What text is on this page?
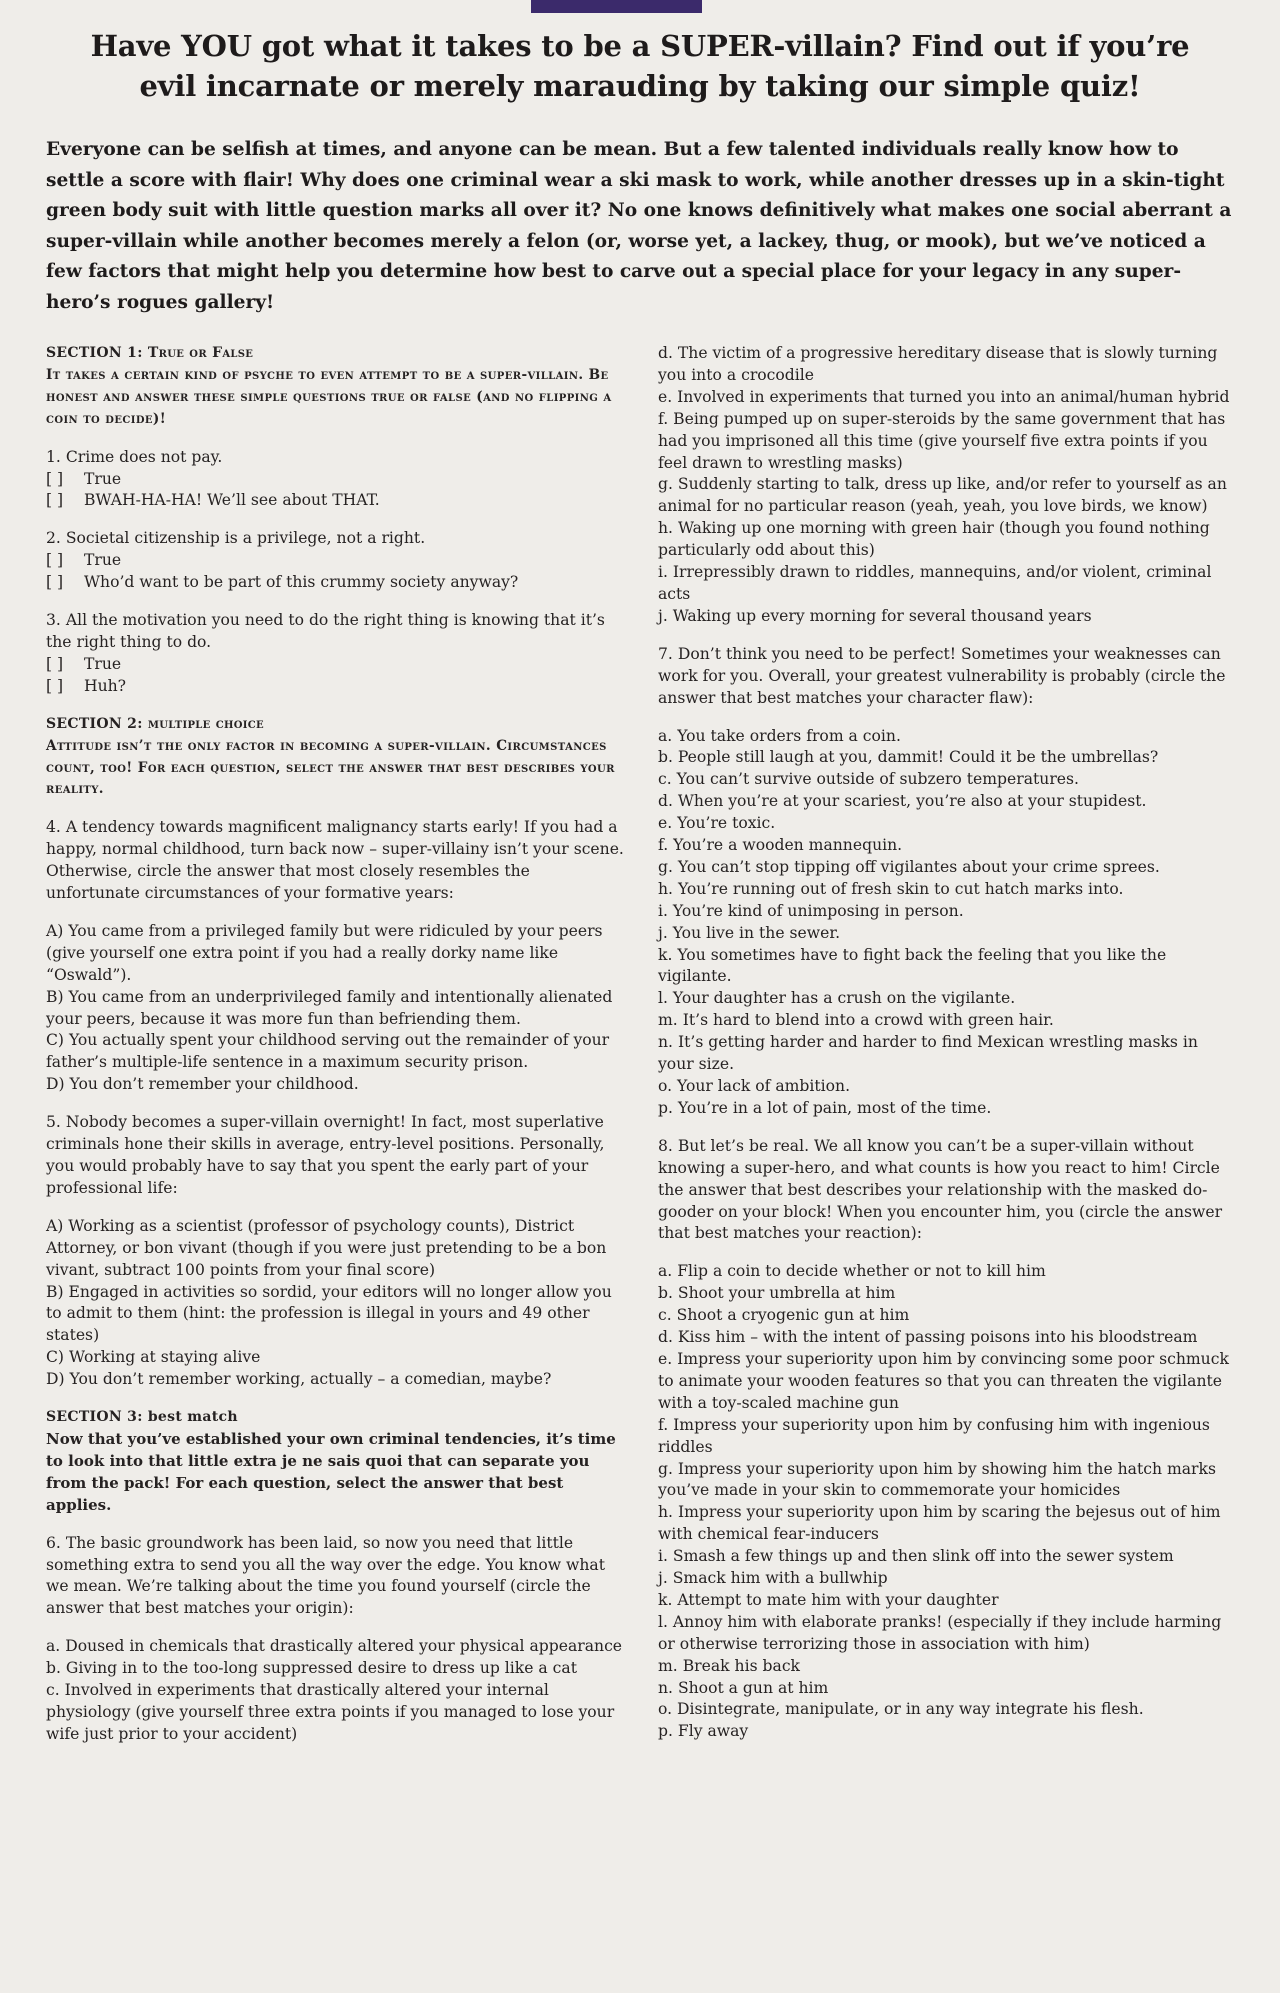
Have YOU got what it takes to be a SUPER-villain? Find out if you’re
evil incarnate or merely marauding by taking our simple quiz!
Everyone can be selfish at times, and anyone can be mean. But a few talented individuals really know how to settle a score with flair! Why does one criminal wear a ski mask to work, while another dresses up in a skin-tight green body suit with little question marks all over it? No one knows definitively what makes one social aberrant a super-villain while another becomes merely a felon (or, worse yet, a lackey, thug, or mook), but we’ve noticed a few factors that might help you determine how best to carve out a special place for your legacy in any super-hero’s rogues gallery!

SECTION 1: True or False

It takes a certain kind of psyche to even attempt to be a super-villain. Be honest and answer these simple questions true or false (and no flipping a coin to decide)!

1. Crime does not pay.

[ ] True
[ ] BWAH-HA-HA! We’ll see about THAT.

2. Societal citizenship is a privilege, not a right.

[ ] True
[ ] Who’d want to be part of this crummy society anyway?

3. All the motivation you need to do the right thing is knowing that it’s the right thing to do.

[ ] True
[ ] Huh?

SECTION 2: multiple choice

Attitude isn’t the only factor in becoming a super-villain. Circumstances count, too! For each question, select the answer that best describes your reality.

4. A tendency towards magnificent malignancy starts early! If you had a happy, normal childhood, turn back now – super-villainy isn’t your scene. Otherwise, circle the answer that most closely resembles the unfortunate circumstances of your formative years:

A) You came from a privileged family but were ridiculed by your peers (give yourself one extra point if you had a really dorky name like “Oswald”).

B) You came from an underprivileged family and intentionally alienated your peers, because it was more fun than befriending them.

C) You actually spent your childhood serving out the remainder of your father’s multiple-life sentence in a maximum security prison.

D) You don’t remember your childhood.

5. Nobody becomes a super-villain overnight! In fact, most superlative criminals hone their skills in average, entry-level positions. Personally, you would probably have to say that you spent the early part of your professional life:

A) Working as a scientist (professor of psychology counts), District Attorney, or bon vivant (though if you were just pretending to be a bon vivant, subtract 100 points from your final score)

B) Engaged in activities so sordid, your editors will no longer allow you to admit to them (hint: the profession is illegal in yours and 49 other states)

C) Working at staying alive

D) You don’t remember working, actually – a comedian, maybe?

SECTION 3: best match

Now that you’ve established your own criminal tendencies, it’s time to look into that little extra je ne sais quoi that can separate you from the pack! For each question, select the answer that best applies.

6. The basic groundwork has been laid, so now you need that little something extra to send you all the way over the edge. You know what we mean. We’re talking about the time you found yourself (circle the answer that best matches your origin):

a. Doused in chemicals that drastically altered your physical appearance

b. Giving in to the too-long suppressed desire to dress up like a cat

c. Involved in experiments that drastically altered your internal physiology (give yourself three extra points if you managed to lose your wife just prior to your accident)

d. The victim of a progressive hereditary disease that is slowly turning you into a crocodile

e. Involved in experiments that turned you into an animal/human hybrid

f. Being pumped up on super-steroids by the same government that has had you imprisoned all this time (give yourself five extra points if you feel drawn to wrestling masks)

g. Suddenly starting to talk, dress up like, and/or refer to yourself as an animal for no particular reason (yeah, yeah, you love birds, we know)

h. Waking up one morning with green hair (though you found nothing particularly odd about this)

i. Irrepressibly drawn to riddles, mannequins, and/or violent, criminal acts

j. Waking up every morning for several thousand years

7. Don’t think you need to be perfect! Sometimes your weaknesses can work for you. Overall, your greatest vulnerability is probably (circle the answer that best matches your character flaw):

a. You take orders from a coin.

b. People still laugh at you, dammit! Could it be the umbrellas?

c. You can’t survive outside of subzero temperatures.

d. When you’re at your scariest, you’re also at your stupidest.

e. You’re toxic.

f. You’re a wooden mannequin.

g. You can’t stop tipping off vigilantes about your crime sprees.

h. You’re running out of fresh skin to cut hatch marks into.

i. You’re kind of unimposing in person.

j. You live in the sewer.

k. You sometimes have to fight back the feeling that you like the vigilante.

l. Your daughter has a crush on the vigilante.

m. It’s hard to blend into a crowd with green hair.

n. It’s getting harder and harder to find Mexican wrestling masks in your size.

o. Your lack of ambition.

p. You’re in a lot of pain, most of the time.

8. But let’s be real. We all know you can’t be a super-villain without knowing a super-hero, and what counts is how you react to him! Circle the answer that best describes your relationship with the masked do-gooder on your block! When you encounter him, you (circle the answer that best matches your reaction):

a. Flip a coin to decide whether or not to kill him

b. Shoot your umbrella at him

c. Shoot a cryogenic gun at him

d. Kiss him – with the intent of passing poisons into his bloodstream

e. Impress your superiority upon him by convincing some poor schmuck to animate your wooden features so that you can threaten the vigilante with a toy-scaled machine gun

f. Impress your superiority upon him by confusing him with ingenious riddles

g. Impress your superiority upon him by showing him the hatch marks you’ve made in your skin to commemorate your homicides

h. Impress your superiority upon him by scaring the bejesus out of him with chemical fear-inducers

i. Smash a few things up and then slink off into the sewer system

j. Smack him with a bullwhip

k. Attempt to mate him with your daughter

l. Annoy him with elaborate pranks! (especially if they include harming or otherwise terrorizing those in association with him)

m. Break his back

n. Shoot a gun at him

o. Disintegrate, manipulate, or in any way integrate his flesh.

p. Fly away
